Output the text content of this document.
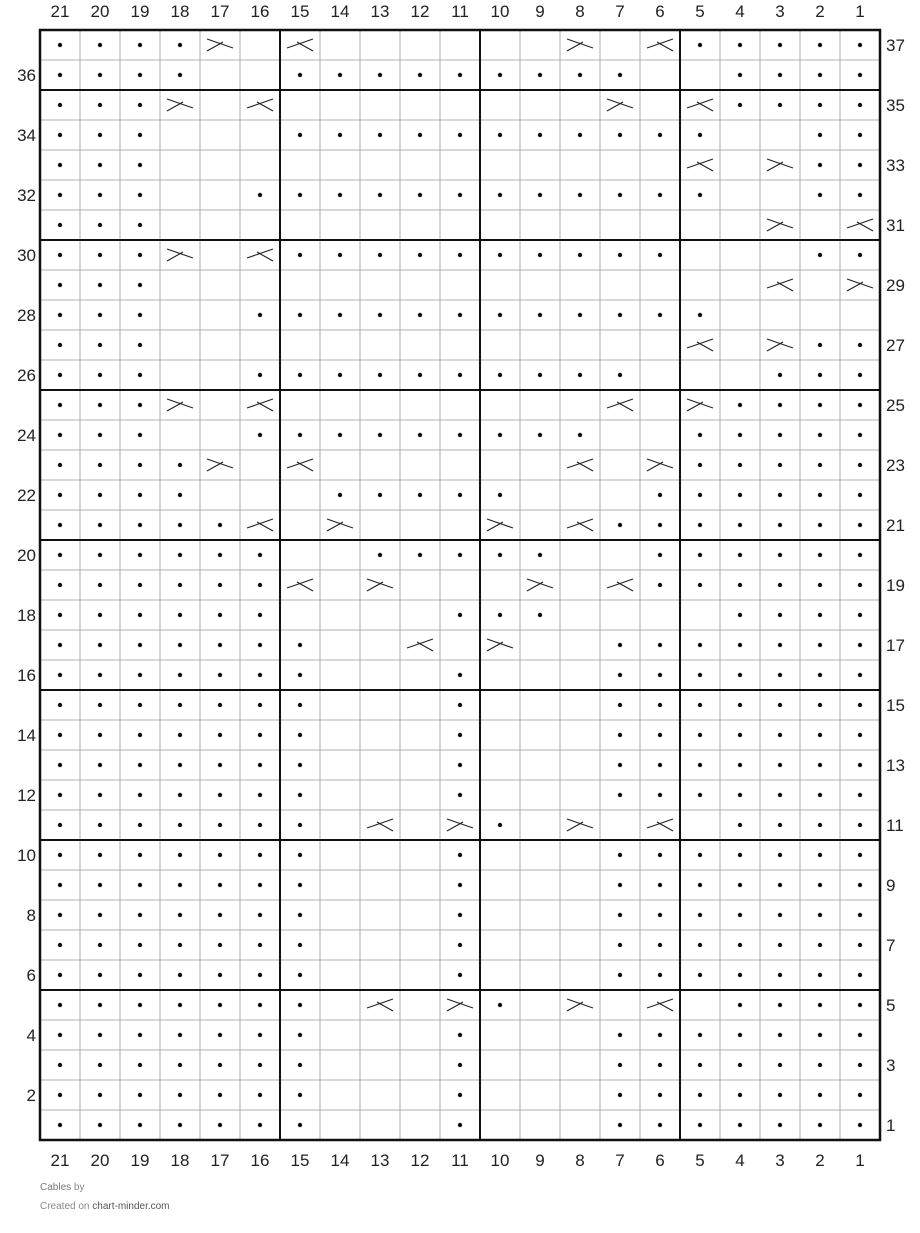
21
21
20
20
19
19
18
18
17
17
16
16
15
15
14
14
13
13
12
12
11
11
10
10
9
9
8
8
7
7
6
6
5
5
4
4
3
3
2
2
1
1
37
35
33
31
29
27
25
23
21
19
17
15
13
11
9
7
5
3
1
36
34
32
30
28
26
24
22
20
18
16
14
12
10
8
6
4
2
Cables by
Created on chart-minder.com
